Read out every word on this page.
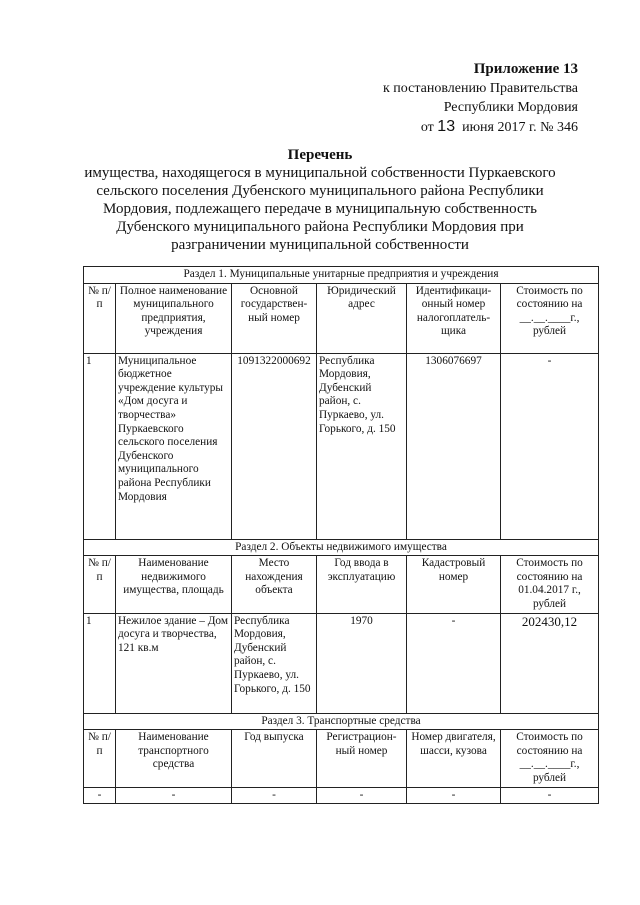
Приложение 13
к постановлению Правительства
Республики Мордовия
от 13 июня 2017 г. № 346
Перечень
имущества, находящегося в муниципальной собственности Пуркаевского
сельского поселения Дубенского муниципального района Республики
Мордовия, подлежащего передаче в муниципальную собственность
Дубенского муниципального района Республики Мордовия при
разграничении муниципальной собственности
Раздел 1. Муниципальные унитарные предприятия и учреждения					
№ п/п	Полное наименование муниципального предприятия, учреждения	Основной государствен-ный номер	Юридический адрес	Идентификаци-онный номер налогоплатель-щика	Стоимость по состоянию на __.__.____г., рублей
1	Муниципальное бюджетное учреждение культуры «Дом досуга и творчества» Пуркаевского сельского поселения Дубенского муниципального района Республики Мордовия	1091322000692	Республика Мордовия, Дубенский район, с. Пуркаево, ул. Горького, д. 150	1306076697	-
Раздел 2. Объекты недвижимого имущества					
№ п/п	Наименование недвижимого имущества, площадь	Место нахождения объекта	Год ввода в эксплуатацию	Кадастровый номер	Стоимость по состоянию на 01.04.2017 г., рублей
1	Нежилое здание – Дом досуга и творчества, 121 кв.м	Республика Мордовия, Дубенский район, с. Пуркаево, ул. Горького, д. 150	1970	-	202430,12
Раздел 3. Транспортные средства					
№ п/п	Наименование транспортного средства	Год выпуска	Регистрацион-ный номер	Номер двигателя, шасси, кузова	Стоимость по состоянию на __.__.____г., рублей
-	-	-	-	-	-
